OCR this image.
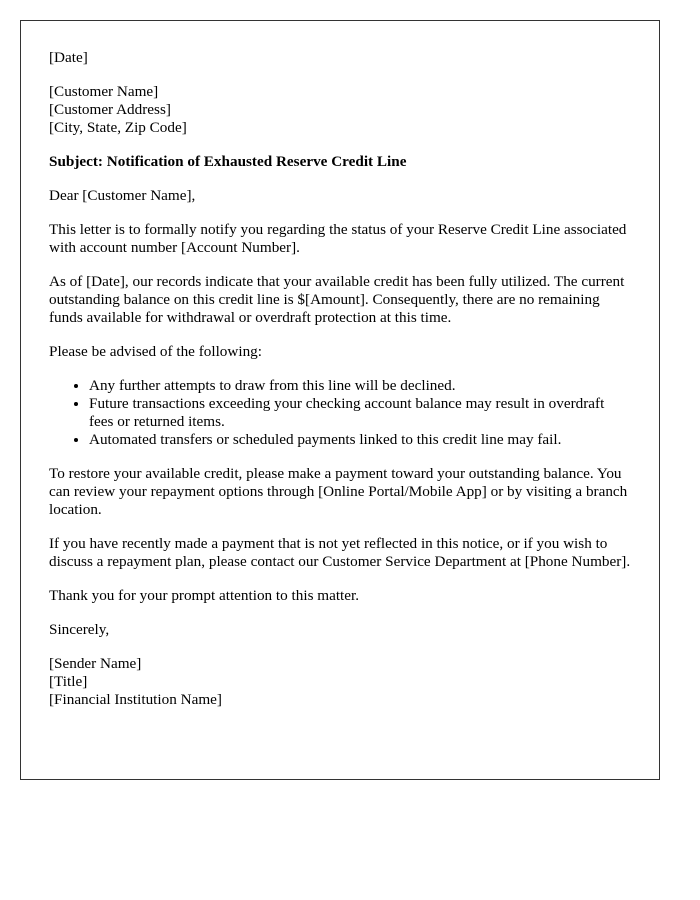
[Date]

[Customer Name]
[Customer Address]
[City, State, Zip Code]

Subject: Notification of Exhausted Reserve Credit Line

Dear [Customer Name],

This letter is to formally notify you regarding the status of your Reserve Credit Line associated with account number [Account Number].

As of [Date], our records indicate that your available credit has been fully utilized. The current outstanding balance on this credit line is $[Amount]. Consequently, there are no remaining funds available for withdrawal or overdraft protection at this time.

Please be advised of the following:

• Any further attempts to draw from this line will be declined.
• Future transactions exceeding your checking account balance may result in overdraft fees or returned items.
• Automated transfers or scheduled payments linked to this credit line may fail.

To restore your available credit, please make a payment toward your outstanding balance. You can review your repayment options through [Online Portal/Mobile App] or by visiting a branch location.

If you have recently made a payment that is not yet reflected in this notice, or if you wish to discuss a repayment plan, please contact our Customer Service Department at [Phone Number].

Thank you for your prompt attention to this matter.

Sincerely,

[Sender Name]
[Title]
[Financial Institution Name]
